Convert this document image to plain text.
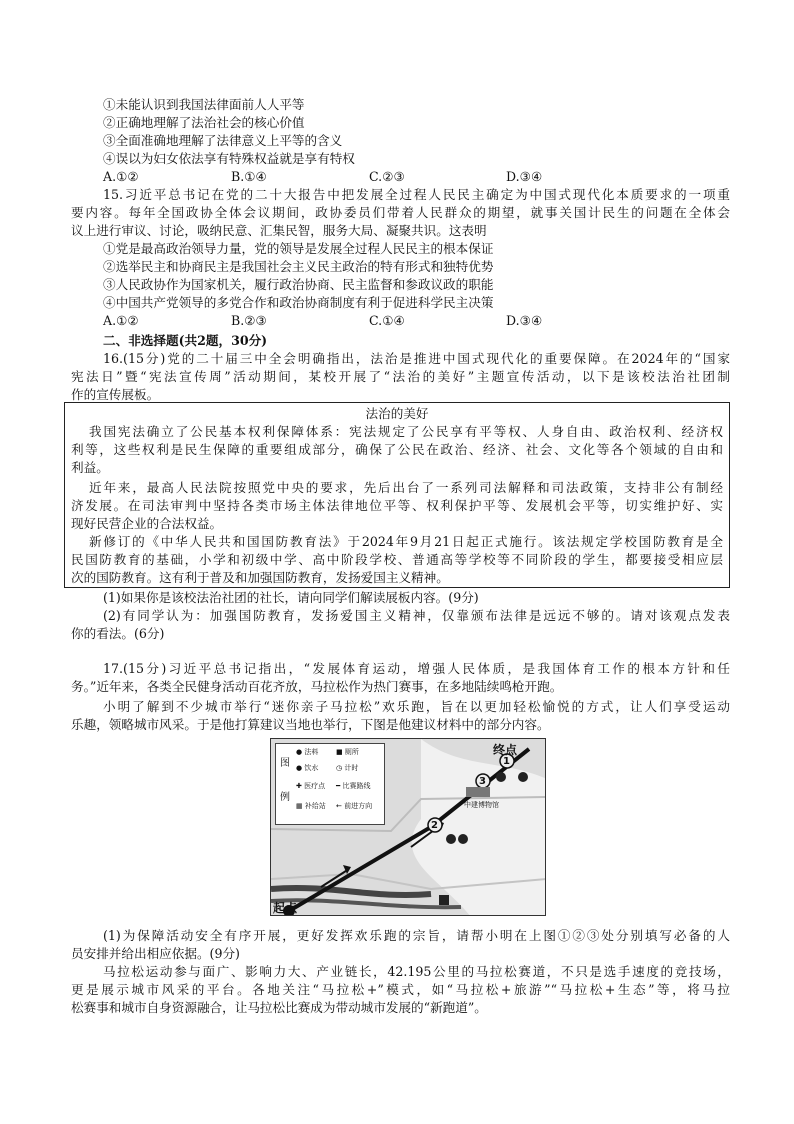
①未能认识到我国法律面前人人平等
②正确地理解了法治社会的核心价值
③全面准确地理解了法律意义上平等的含义
④误以为妇女依法享有特殊权益就是享有特权
A.①②	B.①④	C.②③	D.③④
15.习近平总书记在党的二十大报告中把发展全过程人民民主确定为中国式现代化本质要求的一项重
要内容。每年全国政协全体会议期间，政协委员们带着人民群众的期望，就事关国计民生的问题在全体会
议上进行审议、讨论，吸纳民意、汇集民智，服务大局、凝聚共识。这表明
①党是最高政治领导力量，党的领导是发展全过程人民民主的根本保证
②选举民主和协商民主是我国社会主义民主政治的特有形式和独特优势
③人民政协作为国家机关，履行政治协商、民主监督和参政议政的职能
④中国共产党领导的多党合作和政治协商制度有利于促进科学民主决策
A.①②	B.②③	C.①④	D.③④
二、非选择题(共2题，30分)
16.(15分)党的二十届三中全会明确指出，法治是推进中国式现代化的重要保障。在2024年的“国家
宪法日”暨“宪法宣传周”活动期间，某校开展了“法治的美好”主题宣传活动，以下是该校法治社团制
法治的美好
我国宪法确立了公民基本权利保障体系：宪法规定了公民享有平等权、人身自由、政治权利、经济权
利等，这些权利是民生保障的重要组成部分，确保了公民在政治、经济、社会、文化等各个领域的自由和
利益。
近年来，最高人民法院按照党中央的要求，先后出台了一系列司法解释和司法政策，支持非公有制经
济发展。在司法审判中坚持各类市场主体法律地位平等、权利保护平等、发展机会平等，切实维护好、实
现好民营企业的合法权益。
新修订的《中华人民共和国国防教育法》于2024年9月21日起正式施行。该法规定学校国防教育是全
民国防教育的基础，小学和初级中学、高中阶段学校、普通高等学校等不同阶段的学生，都要接受相应层
次的国防教育。这有利于普及和加强国防教育，发扬爱国主义精神。
(1)如果你是该校法治社团的社长，请向同学们解读展板内容。(9分)
(2)有同学认为：加强国防教育，发扬爱国主义精神，仅靠颁布法律是远远不够的。请对该观点发表
你的看法。(6分)
17.(15分)习近平总书记指出，“发展体育运动，增强人民体质，是我国体育工作的根本方针和任
务。”近年来，各类全民健身活动百花齐放，马拉松作为热门赛事，在多地陆续鸣枪开跑。
小明了解到不少城市举行“迷你亲子马拉松”欢乐跑，旨在以更加轻松愉悦的方式，让人们享受运动
乐趣，领略城市风采。于是他打算建议当地也举行，下图是他建议材料中的部分内容。
图
例
● 法料	■ 厕所
● 饮水	◷ 计时
✚ 医疗点 ━ 比赛路线
▦ 补给站 ← 前进方向
终点
起点
中建博物馆
2
3
1
(1)为保障活动安全有序开展，更好发挥欢乐跑的宗旨，请帮小明在上图①②③处分别填写必备的人
员安排并给出相应依据。(9分)
马拉松运动参与面广、影响力大、产业链长，42.195公里的马拉松赛道，不只是选手速度的竞技场，
更是展示城市风采的平台。各地关注“马拉松+”模式，如“马拉松+旅游”“马拉松+生态”等，将马拉
松赛事和城市自身资源融合，让马拉松比赛成为带动城市发展的“新跑道”。
作的宣传展板。
